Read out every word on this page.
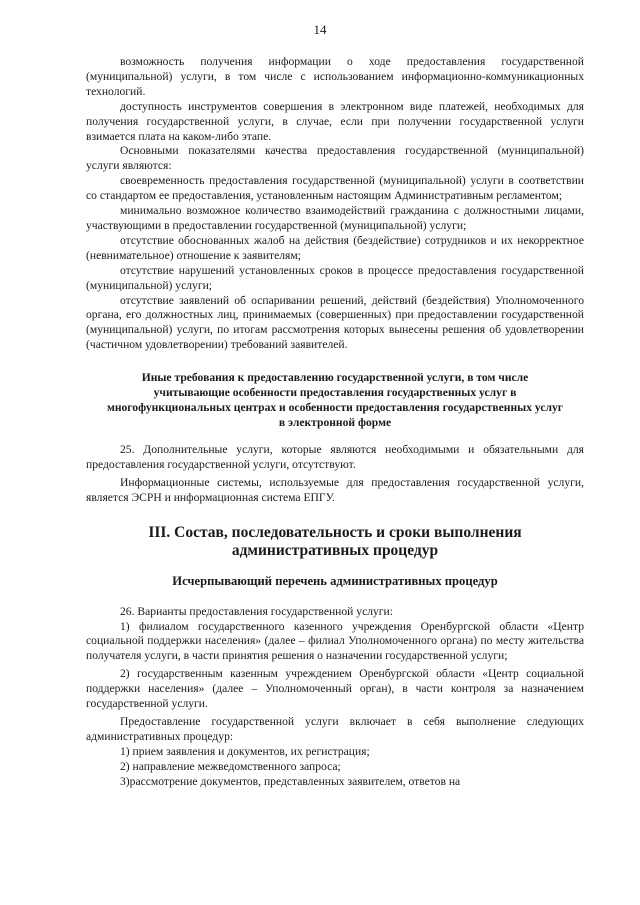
14

возможность получения информации о ходе предоставления государственной (муниципальной) услуги, в том числе с использованием информационно-коммуникационных технологий.

доступность инструментов совершения в электронном виде платежей, необходимых для получения государственной услуги, в случае, если при получении государственной услуги взимается плата на каком-либо этапе.

Основными показателями качества предоставления государственной (муниципальной) услуги являются:

своевременность предоставления государственной (муниципальной) услуги в соответствии со стандартом ее предоставления, установленным настоящим Административным регламентом;

минимально возможное количество взаимодействий гражданина с должностными лицами, участвующими в предоставлении государственной (муниципальной) услуги;

отсутствие обоснованных жалоб на действия (бездействие) сотрудников и их некорректное (невнимательное) отношение к заявителям;

отсутствие нарушений установленных сроков в процессе предоставления государственной (муниципальной) услуги;

отсутствие заявлений об оспаривании решений, действий (бездействия) Уполномоченного органа, его должностных лиц, принимаемых (совершенных) при предоставлении государственной (муниципальной) услуги, по итогам рассмотрения которых вынесены решения об удовлетворении (частичном удовлетворении) требований заявителей.

Иные требования к предоставлению государственной услуги, в том числе учитывающие особенности предоставления государственных услуг в многофункциональных центрах и особенности предоставления государственных услуг в электронной форме

25. Дополнительные услуги, которые являются необходимыми и обязательными для предоставления государственной услуги, отсутствуют.

Информационные системы, используемые для предоставления государственной услуги, является ЭСРН и информационная система ЕПГУ.

III. Состав, последовательность и сроки выполнения административных процедур
Исчерпывающий перечень административных процедур

26. Варианты предоставления государственной услуги:

1) филиалом государственного казенного учреждения Оренбургской области «Центр социальной поддержки населения» (далее – филиал Уполномоченного органа) по месту жительства получателя услуги, в части принятия решения о назначении государственной услуги;

2) государственным казенным учреждением Оренбургской области «Центр социальной поддержки населения» (далее – Уполномоченный орган), в части контроля за назначением государственной услуги.

Предоставление государственной услуги включает в себя выполнение следующих административных процедур:

1) прием заявления и документов, их регистрация;

2) направление межведомственного запроса;

3)рассмотрение документов, представленных заявителем, ответов на
